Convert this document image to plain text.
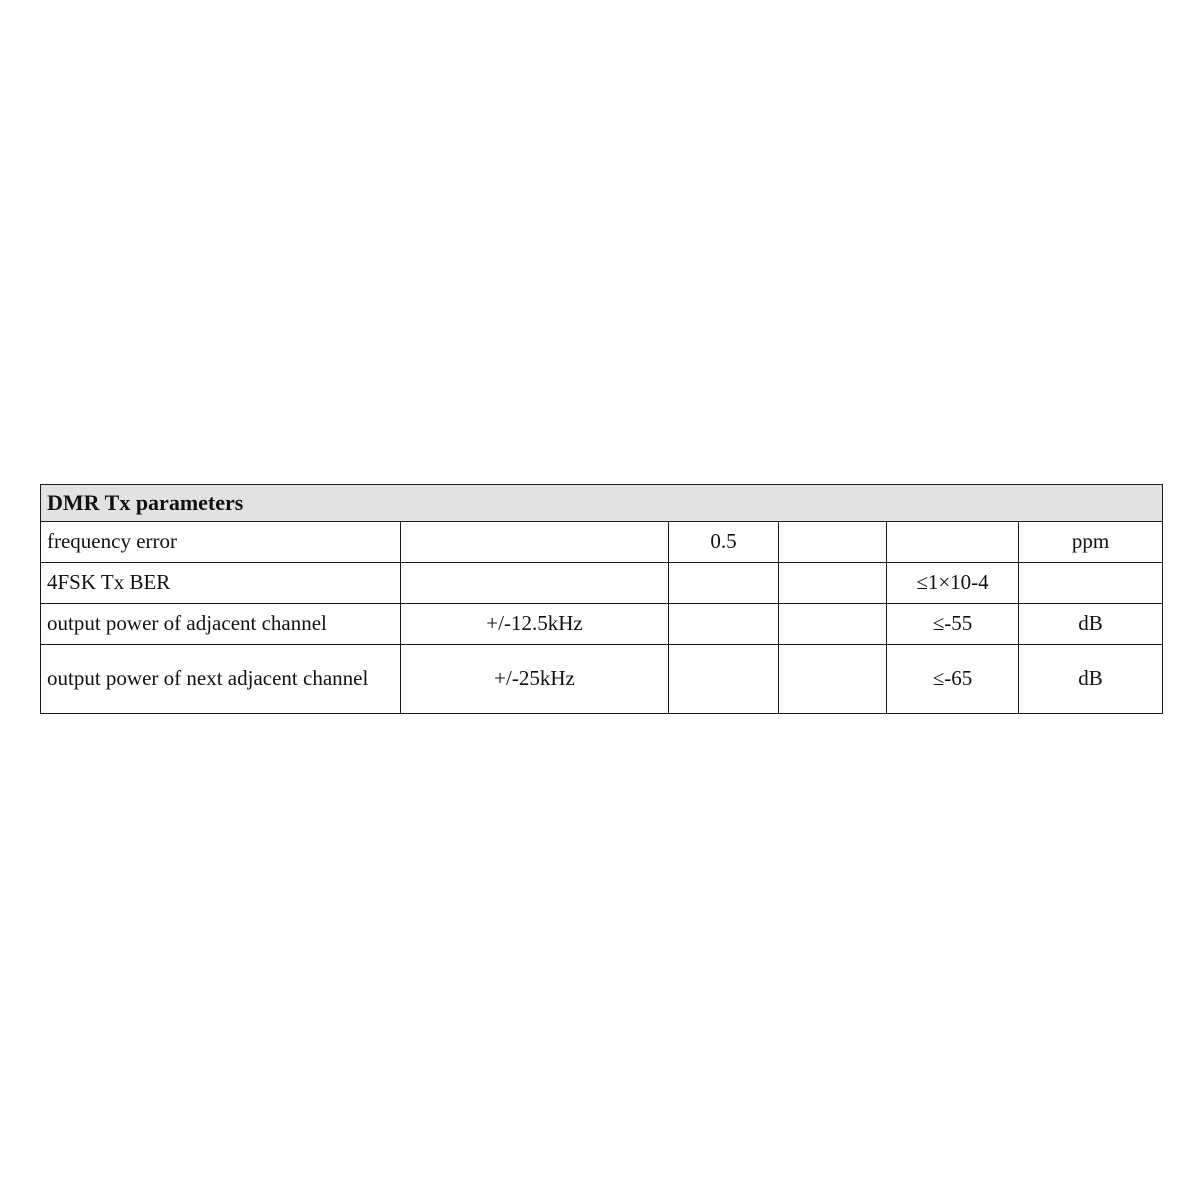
DMR Tx parameters					
frequency error		0.5			ppm
4FSK Tx BER				≤1×10-4	
output power of adjacent channel	+/-12.5kHz			≤-55	dB

output power of next adjacent channel	+/-25kHz			≤-65	dB
